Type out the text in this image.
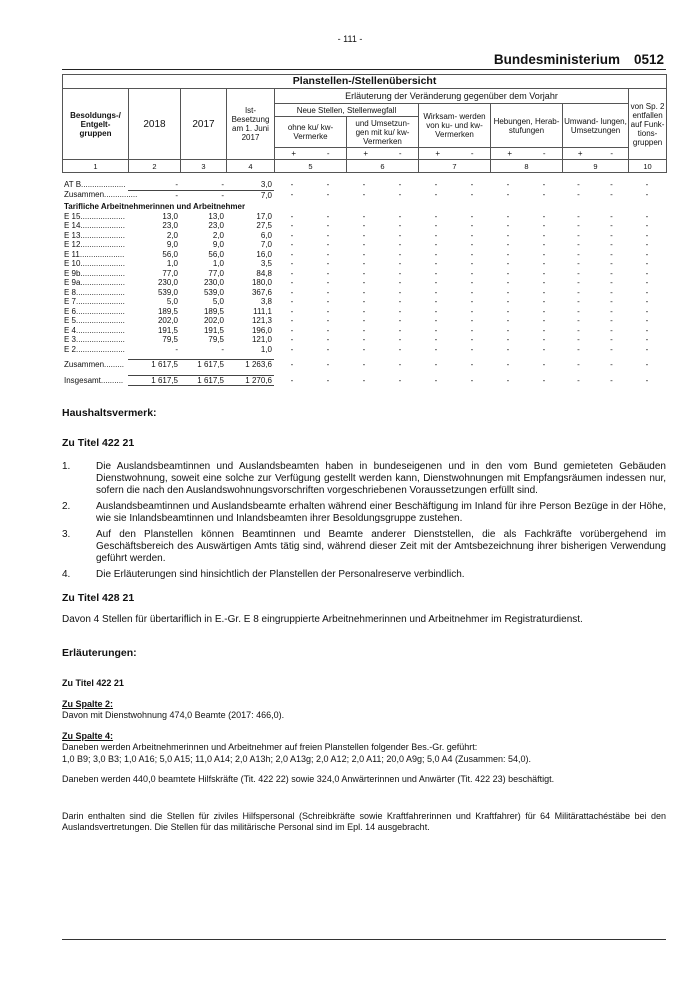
- 111 -
Bundesministerium 0512
Planstellen-/Stellenübersicht									
Besoldungs-/ Entgelt- gruppen	2018	2017	Ist-Besetzung am 1. Juni 2017	Erläuterung der Veränderung gegenüber dem Vorjahr					von Sp. 2 entfallen auf Funk- tions- gruppen
				Neue Stellen, Stellenwegfall		Wirksam- werden von ku- und kw- Vermerken	Hebungen, Herab- stufungen	Umwand- lungen, Umsetzungen	
				ohne ku/ kw-Vermerke	und Umsetzun- gen mit ku/ kw-Vermerken				

				+ -	+ -	+ -	+ -	+ -	

1	2	3	4	5	6	7	8	9	10
AT B....................	-	-	3,0	-	-	-	-	-	-	-	-	-	-	-
Zusammen...............	-	-	7,0	-	-	-	-	-	-	-	-	-	-	-
Tarifliche Arbeitnehmerinnen und Arbeitnehmer														
E 15....................	13,0	13,0	17,0	-	-	-	-	-	-	-	-	-	-	-
E 14....................	23,0	23,0	27,5	-	-	-	-	-	-	-	-	-	-	-
E 13....................	2,0	2,0	6,0	-	-	-	-	-	-	-	-	-	-	-
E 12....................	9,0	9,0	7,0	-	-	-	-	-	-	-	-	-	-	-
E 11....................	56,0	56,0	16,0	-	-	-	-	-	-	-	-	-	-	-
E 10....................	1,0	1,0	3,5	-	-	-	-	-	-	-	-	-	-	-
E 9b....................	77,0	77,0	84,8	-	-	-	-	-	-	-	-	-	-	-
E 9a....................	230,0	230,0	180,0	-	-	-	-	-	-	-	-	-	-	-
E 8......................	539,0	539,0	367,6	-	-	-	-	-	-	-	-	-	-	-
E 7......................	5,0	5,0	3,8	-	-	-	-	-	-	-	-	-	-	-
E 6......................	189,5	189,5	111,1	-	-	-	-	-	-	-	-	-	-	-
E 5......................	202,0	202,0	121,3	-	-	-	-	-	-	-	-	-	-	-
E 4......................	191,5	191,5	196,0	-	-	-	-	-	-	-	-	-	-	-
E 3......................	79,5	79,5	121,0	-	-	-	-	-	-	-	-	-	-	-
E 2......................	-	-	1,0	-	-	-	-	-	-	-	-	-	-	-

Zusammen.........	1 617,5	1 617,5	1 263,6	-	-	-	-	-	-	-	-	-	-	-

Insgesamt..........	1 617,5	1 617,5	1 270,6	-	-	-	-	-	-	-	-	-	-	-
Haushaltsvermerk:
Zu Titel 422 21
1.	Die Auslandsbeamtinnen und Auslandsbeamten haben in bundeseigenen und in den vom Bund gemieteten Gebäuden Dienstwohnung, soweit eine solche zur Verfügung gestellt werden kann, Dienstwohnungen mit Empfangsräumen indessen nur, sofern die nach den Auslandswohnungsvorschriften vorgeschriebenen Voraussetzungen erfüllt sind.
2.	Auslandsbeamtinnen und Auslandsbeamte erhalten während einer Beschäftigung im Inland für ihre Person Bezüge in der Höhe, wie sie Inlandsbeamtinnen und Inlandsbeamten ihrer Besoldungsgruppe zustehen.
3.	Auf den Planstellen können Beamtinnen und Beamte anderer Dienststellen, die als Fachkräfte vorübergehend im Geschäftsbereich des Auswärtigen Amts tätig sind, während dieser Zeit mit der Amtsbezeichnung ihrer bisherigen Verwendung geführt werden.
4.	Die Erläuterungen sind hinsichtlich der Planstellen der Personalreserve verbindlich.
Zu Titel 428 21
Davon 4 Stellen für übertariflich in E.-Gr. E 8 eingruppierte Arbeitnehmerinnen und Arbeitnehmer im Registraturdienst.
Erläuterungen:
Zu Titel 422 21
Zu Spalte 2:
Davon mit Dienstwohnung 474,0 Beamte (2017: 466,0).
Zu Spalte 4:
Daneben werden Arbeitnehmerinnen und Arbeitnehmer auf freien Planstellen folgender Bes.-Gr. geführt:
1,0 B9; 3,0 B3; 1,0 A16; 5,0 A15; 11,0 A14; 2,0 A13h; 2,0 A13g; 2,0 A12; 2,0 A11; 20,0 A9g; 5,0 A4 (Zusammen: 54,0).
Daneben werden 440,0 beamtete Hilfskräfte (Tit. 422 22) sowie 324,0 Anwärterinnen und Anwärter (Tit. 422 23) beschäftigt.
Darin enthalten sind die Stellen für ziviles Hilfspersonal (Schreibkräfte sowie Kraftfahrerinnen und Kraftfahrer) für 64 Militärattachéstäbe bei den Auslandsvertretungen. Die Stellen für das militärische Personal sind im Epl. 14 ausgebracht.
